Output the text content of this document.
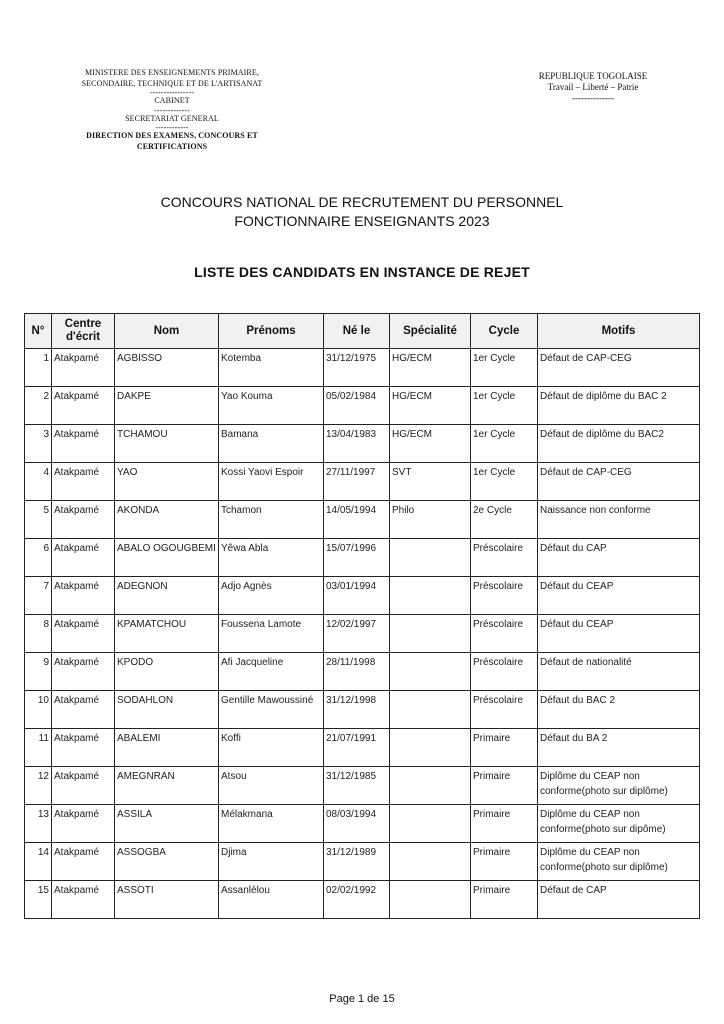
MINISTERE DES ENSEIGNEMENTS PRIMAIRE,
SECONDAIRE, TECHNIQUE ET DE L'ARTISANAT
----------------
CABINET
-------------
SECRETARIAT GENERAL
------------
DIRECTION DES EXAMENS, CONCOURS ET
CERTIFICATIONS
REPUBLIQUE TOGOLAISE
Travail – Liberté – Patrie
--------------
CONCOURS NATIONAL DE RECRUTEMENT DU PERSONNEL
FONCTIONNAIRE ENSEIGNANTS 2023
LISTE DES CANDIDATS EN INSTANCE DE REJET
N°	Centre d'écrit	Nom	Prénoms	Né le	Spécialité	Cycle	Motifs
1	Atakpamé	AGBISSO	Kotemba	31/12/1975	HG/ECM	1er Cycle	Défaut de CAP-CEG
2	Atakpamé	DAKPE	Yao Kouma	05/02/1984	HG/ECM	1er Cycle	Défaut de diplôme du BAC 2
3	Atakpamé	TCHAMOU	Bamana	13/04/1983	HG/ECM	1er Cycle	Défaut de diplôme du BAC2
4	Atakpamé	YAO	Kossi Yaovi Espoir	27/11/1997	SVT	1er Cycle	Défaut de CAP-CEG
5	Atakpamé	AKONDA	Tchamon	14/05/1994	Philo	2e Cycle	Naissance non conforme
6	Atakpamé	ABALO OGOUGBEMI	Yêwa Abla	15/07/1996		Préscolaire	Défaut du CAP
7	Atakpamé	ADEGNON	Adjo Agnès	03/01/1994		Préscolaire	Défaut du CEAP
8	Atakpamé	KPAMATCHOU	Foussena Lamote	12/02/1997		Préscolaire	Défaut du CEAP
9	Atakpamé	KPODO	Afi Jacqueline	28/11/1998		Préscolaire	Défaut de nationalité
10	Atakpamé	SODAHLON	Gentille Mawoussiné	31/12/1998		Préscolaire	Défaut du BAC 2
11	Atakpamé	ABALEMI	Koffi	21/07/1991		Primaire	Défaut du BA 2
12	Atakpamé	AMEGNRAN	Atsou	31/12/1985		Primaire	Diplôme du CEAP non conforme(photo sur diplôme)
13	Atakpamé	ASSILA	Mélakmana	08/03/1994		Primaire	Diplôme du CEAP non conforme(photo sur dipôme)
14	Atakpamé	ASSOGBA	Djima	31/12/1989		Primaire	Diplôme du CEAP non conforme(photo sur diplôme)
15	Atakpamé	ASSOTI	Assanlélou	02/02/1992		Primaire	Défaut de CAP
Page 1 de 15
